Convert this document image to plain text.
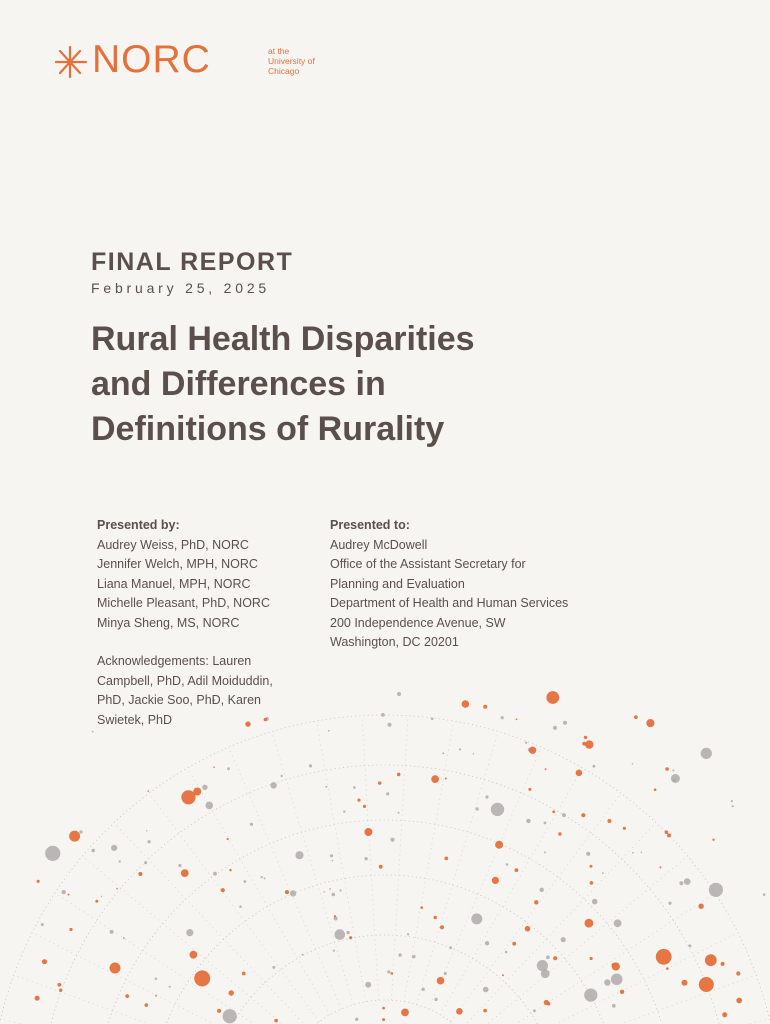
NORC	at the
University of
Chicago
FINAL REPORT
February 25, 2025
Rural Health Disparities
and Differences in
Definitions of Rurality
Presented by:
Audrey Weiss, PhD, NORC
Jennifer Welch, MPH, NORC
Liana Manuel, MPH, NORC
Michelle Pleasant, PhD, NORC
Minya Sheng, MS, NORC
Acknowledgements: Lauren
Campbell, PhD, Adil Moiduddin,
PhD, Jackie Soo, PhD, Karen
Swietek, PhD
Presented to:
Audrey McDowell
Office of the Assistant Secretary for
Planning and Evaluation
Department of Health and Human Services
200 Independence Avenue, SW
Washington, DC 20201
